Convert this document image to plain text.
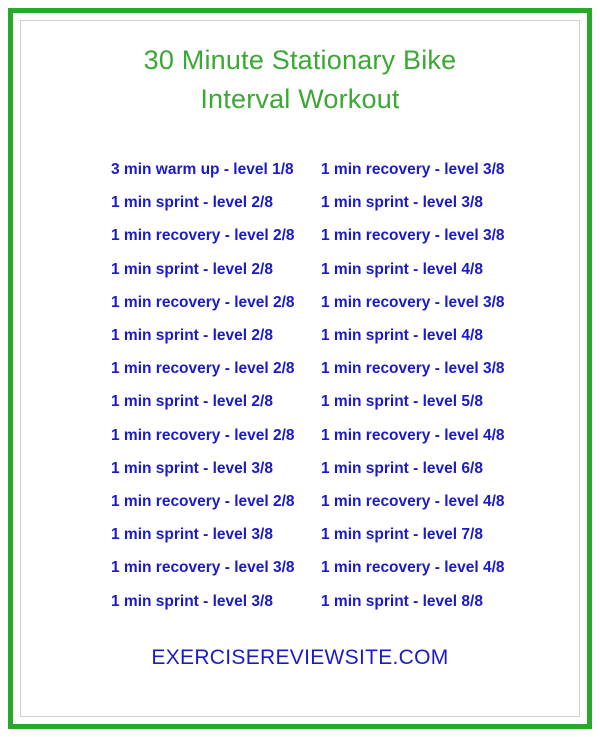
30 Minute Stationary Bike
Interval Workout
3 min warm up - level 1/8
1 min sprint - level 2/8
1 min recovery - level 2/8
1 min sprint - level 2/8
1 min recovery - level 2/8
1 min sprint - level 2/8
1 min recovery - level 2/8
1 min sprint - level 2/8
1 min recovery - level 2/8
1 min sprint - level 3/8
1 min recovery - level 2/8
1 min sprint - level 3/8
1 min recovery - level 3/8
1 min sprint - level 3/8
1 min recovery - level 3/8
1 min sprint - level 3/8
1 min recovery - level 3/8
1 min sprint - level 4/8
1 min recovery - level 3/8
1 min sprint - level 4/8
1 min recovery - level 3/8
1 min sprint - level 5/8
1 min recovery - level 4/8
1 min sprint - level 6/8
1 min recovery - level 4/8
1 min sprint - level 7/8
1 min recovery - level 4/8
1 min sprint - level 8/8
EXERCISEREVIEWSITE.COM
